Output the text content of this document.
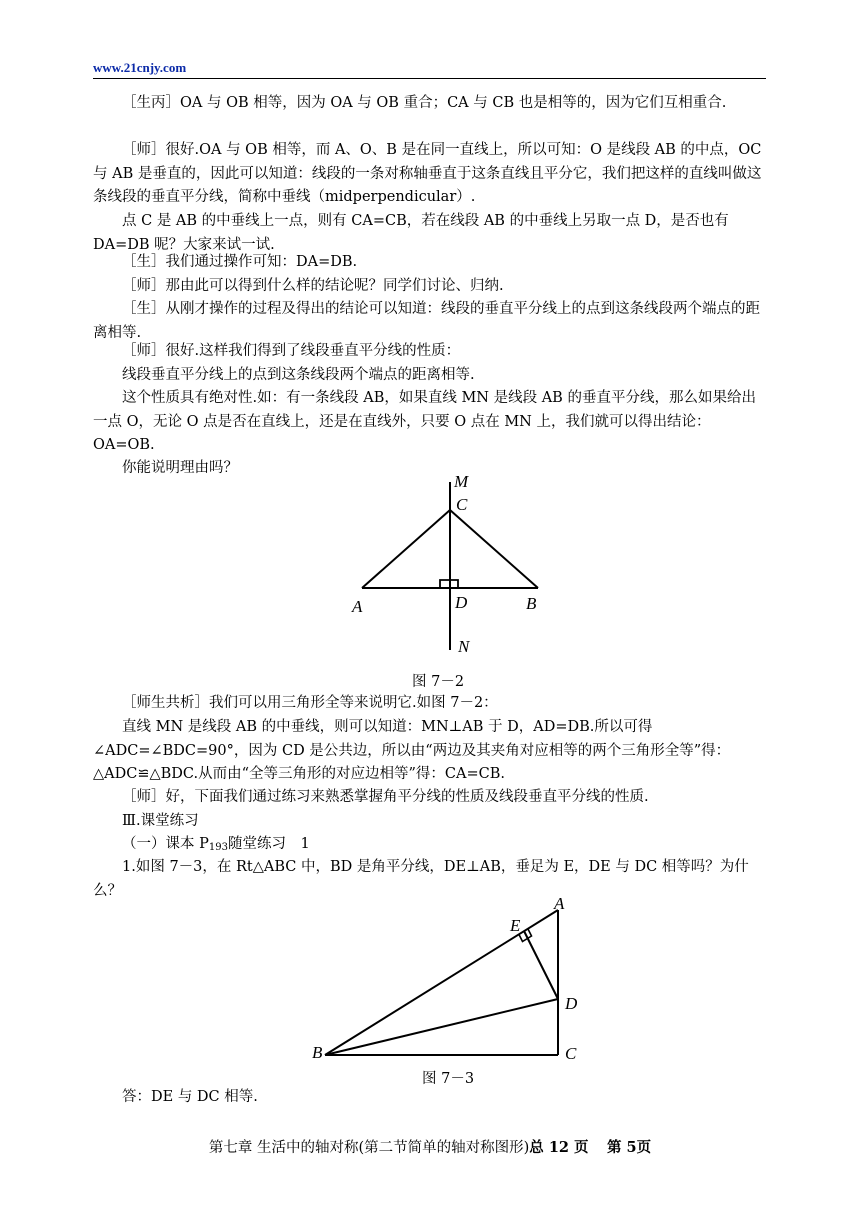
www.21cnjy.com

［生丙］OA 与 OB 相等，因为 OA 与 OB 重合；CA 与 CB 也是相等的，因为它们互相重合.

［师］很好.OA 与 OB 相等，而 A、O、B 是在同一直线上，所以可知：O 是线段 AB 的中点，OC 与 AB 是垂直的，因此可以知道：线段的一条对称轴垂直于这条直线且平分它，我们把这样的直线叫做这条线段的垂直平分线，简称中垂线（midperpendicular）.

点 C 是 AB 的中垂线上一点，则有 CA=CB，若在线段 AB 的中垂线上另取一点 D，是否也有 DA=DB 呢？大家来试一试.

［生］我们通过操作可知：DA=DB.

［师］那由此可以得到什么样的结论呢？同学们讨论、归纳.

［生］从刚才操作的过程及得出的结论可以知道：线段的垂直平分线上的点到这条线段两个端点的距离相等.

［师］很好.这样我们得到了线段垂直平分线的性质：

线段垂直平分线上的点到这条线段两个端点的距离相等.

这个性质具有绝对性.如：有一条线段 AB，如果直线 MN 是线段 AB 的垂直平分线，那么如果给出一点 O，无论 O 点是否在直线上，还是在直线外，只要 O 点在 MN 上，我们就可以得出结论：OA=OB.

你能说明理由吗？

M
C
A	D	B
N
图 7－2

［师生共析］我们可以用三角形全等来说明它.如图 7－2：

直线 MN 是线段 AB 的中垂线，则可以知道：MN⊥AB 于 D，AD=DB.所以可得∠ADC=∠BDC=90°，因为 CD 是公共边，所以由“两边及其夹角对应相等的两个三角形全等”得：△ADC≌△BDC.从而由“全等三角形的对应边相等”得：CA=CB.

［师］好，下面我们通过练习来熟悉掌握角平分线的性质及线段垂直平分线的性质.

Ⅲ.课堂练习

（一）课本 $P_{193}$随堂练习　1

1.如图 7－3，在 Rt△ABC 中，BD 是角平分线，DE⊥AB，垂足为 E，DE 与 DC 相等吗？为什么？

A
E
D
B	C
图 7－3

答：DE 与 DC 相等.

第七章 生活中的轴对称(第二节简单的轴对称图形)总 12 页 第 5页
